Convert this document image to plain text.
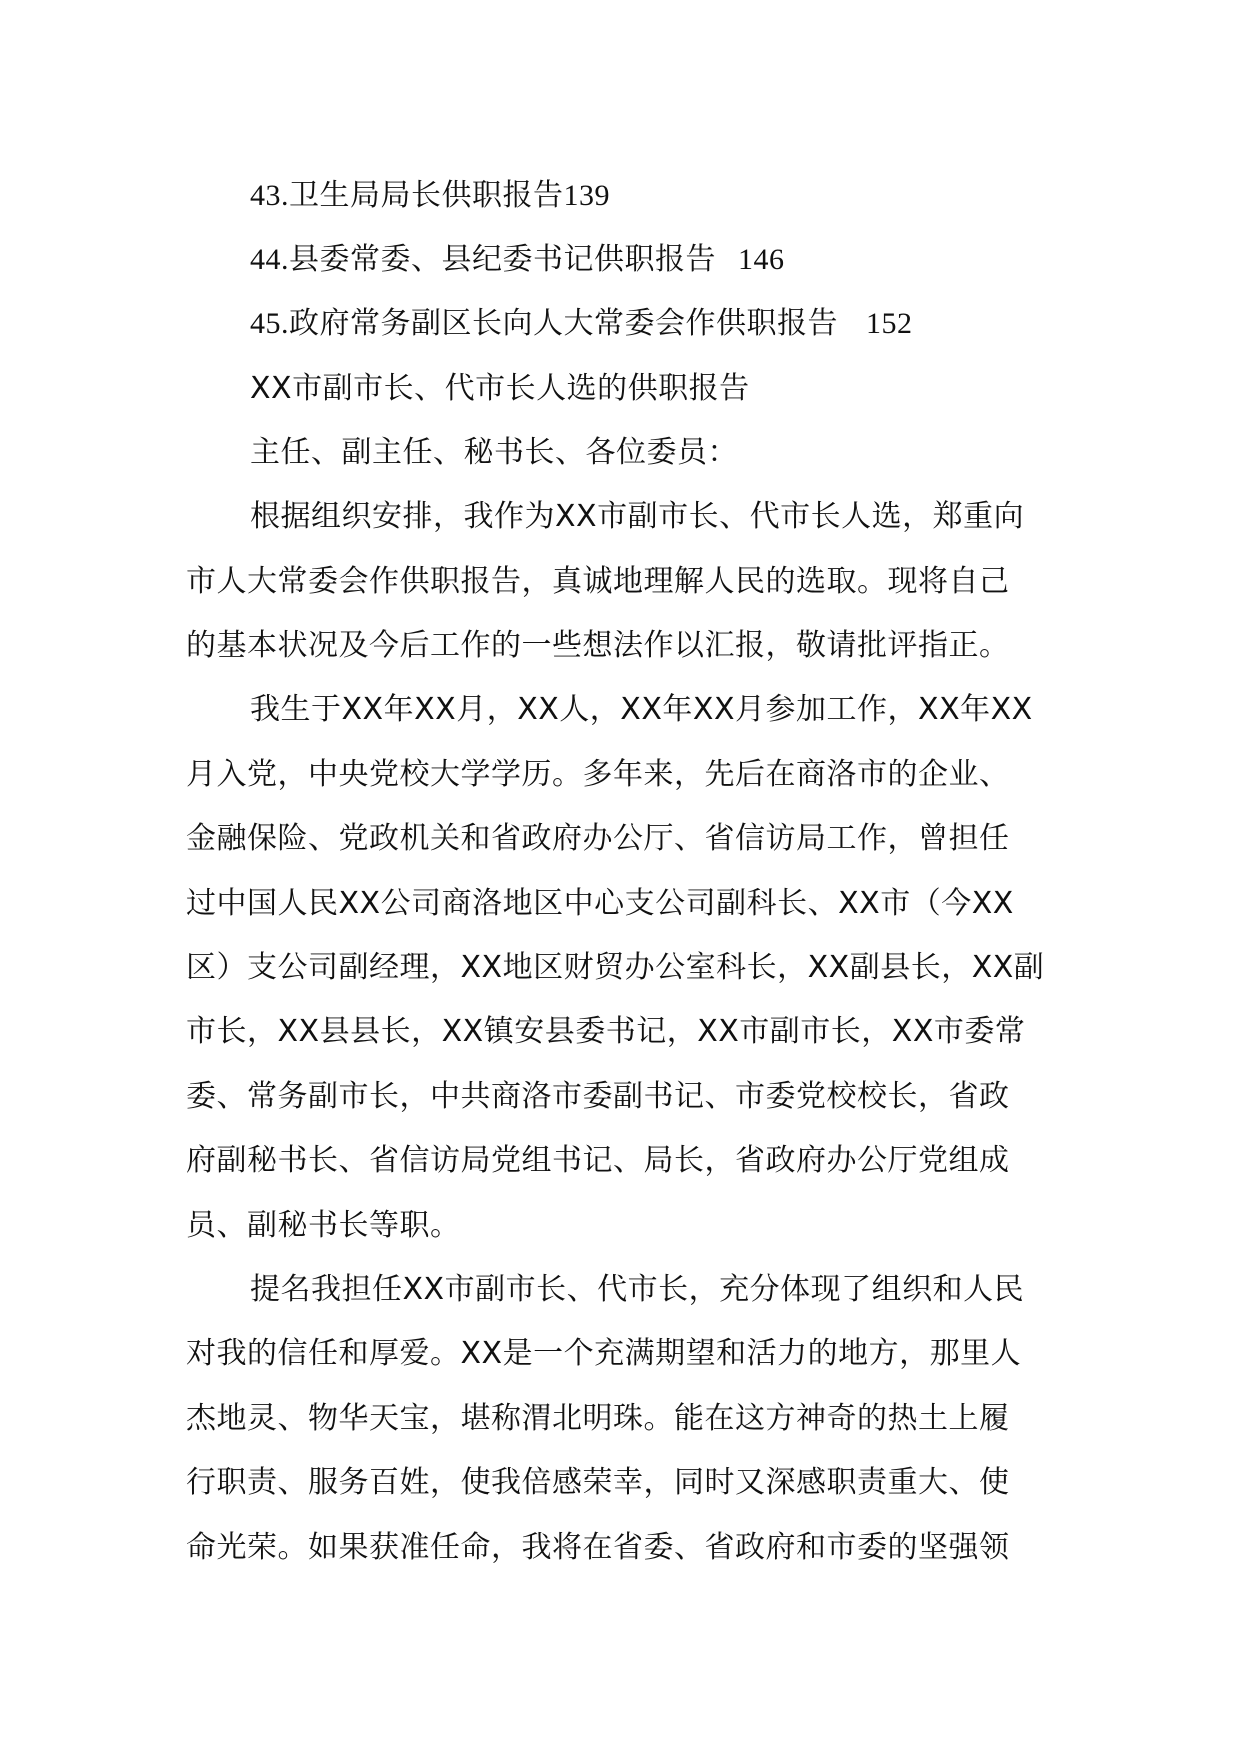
43.卫生局局长供职报告139
44.县委常委、县纪委书记供职报告 146
45.政府常务副区长向人大常委会作供职报告 152
XX市副市长、代市长人选的供职报告
主任、副主任、秘书长、各位委员：
根据组织安排，我作为XX市副市长、代市长人选，郑重向
市人大常委会作供职报告，真诚地理解人民的选取。现将自己
的基本状况及今后工作的一些想法作以汇报，敬请批评指正。
我生于XX年XX月，XX人，XX年XX月参加工作，XX年XX
月入党，中央党校大学学历。多年来，先后在商洛市的企业、
金融保险、党政机关和省政府办公厅、省信访局工作，曾担任
过中国人民XX公司商洛地区中心支公司副科长、XX市（今XX
区）支公司副经理，XX地区财贸办公室科长，XX副县长，XX副
市长，XX县县长，XX镇安县委书记，XX市副市长，XX市委常
委、常务副市长，中共商洛市委副书记、市委党校校长，省政
府副秘书长、省信访局党组书记、局长，省政府办公厅党组成
员、副秘书长等职。
提名我担任XX市副市长、代市长，充分体现了组织和人民
对我的信任和厚爱。XX是一个充满期望和活力的地方，那里人
杰地灵、物华天宝，堪称渭北明珠。能在这方神奇的热土上履
行职责、服务百姓，使我倍感荣幸，同时又深感职责重大、使
命光荣。如果获准任命，我将在省委、省政府和市委的坚强领
